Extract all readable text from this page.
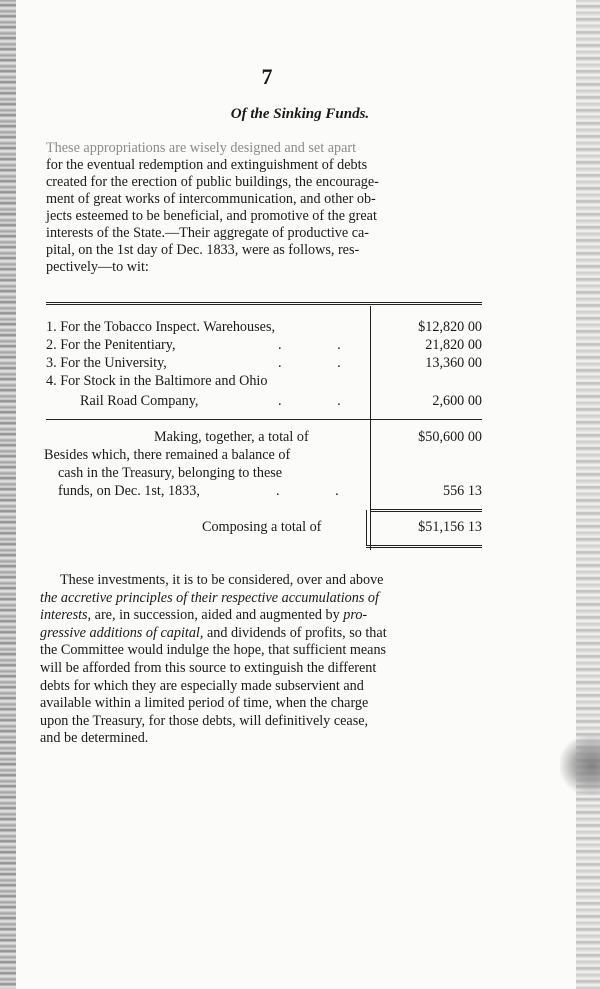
7
Of the Sinking Funds.
These appropriations are wisely designed and set apart
for the eventual redemption and extinguishment of debts
created for the erection of public buildings, the encourage-
ment of great works of intercommunication, and other ob-
jects esteemed to be beneficial, and promotive of the great
interests of the State.—Their aggregate of productive ca-
pital, on the 1st day of Dec. 1833, were as follows, res-
pectively—to wit:
1. For the Tobacco Inspect. Warehouses,	$12,820 00
2. For the Penitentiary,	. .	21,820 00
3. For the University,	. .	13,360 00
4. For Stock in the Baltimore and Ohio
Rail Road Company,	. .	2,600 00
Making, together, a total of	$50,600 00
Besides which, there remained a balance of
cash in the Treasury, belonging to these
funds, on Dec. 1st, 1833,	. .	556 13
Composing a total of	$51,156 13
These investments, it is to be considered, over and above
the accretive principles of their respective accumulations of
interests, are, in succession, aided and augmented by pro-
gressive additions of capital, and dividends of profits, so that
the Committee would indulge the hope, that sufficient means
will be afforded from this source to extinguish the different
debts for which they are especially made subservient and
available within a limited period of time, when the charge
upon the Treasury, for those debts, will definitively cease,
and be determined.
